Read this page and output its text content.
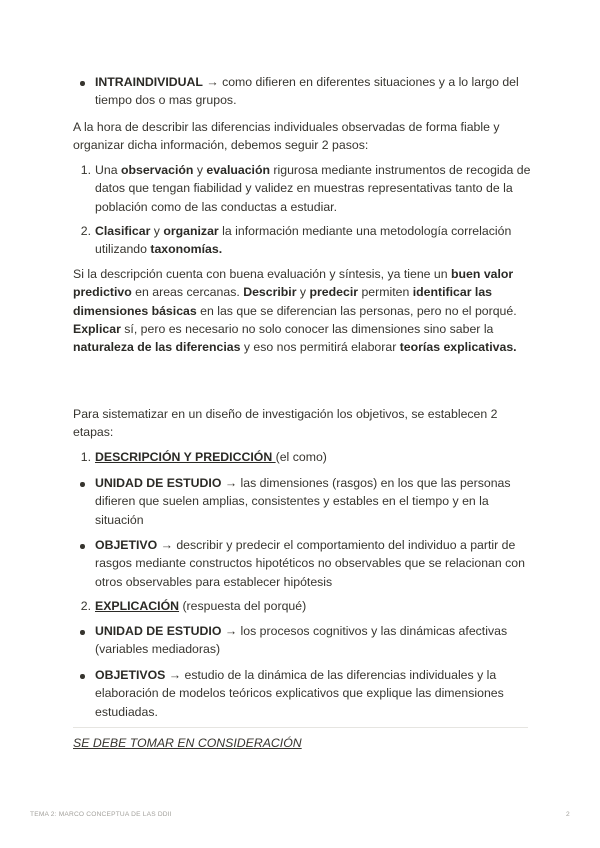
INTRAINDIVIDUAL → como difieren en diferentes situaciones y a lo largo del tiempo dos o mas grupos.

A la hora de describir las diferencias individuales observadas de forma fiable y organizar dicha información, debemos seguir 2 pasos:

1. Una observación y evaluación rigurosa mediante instrumentos de recogida de datos que tengan fiabilidad y validez en muestras representativas tanto de la población como de las conductas a estudiar.

2. Clasificar y organizar la información mediante una metodología correlación utilizando taxonomías.

Si la descripción cuenta con buena evaluación y síntesis, ya tiene un buen valor predictivo en areas cercanas. Describir y predecir permiten identificar las dimensiones básicas en las que se diferencian las personas, pero no el porqué. Explicar sí, pero es necesario no solo conocer las dimensiones sino saber la naturaleza de las diferencias y eso nos permitirá elaborar teorías explicativas.

Para sistematizar en un diseño de investigación los objetivos, se establecen 2 etapas:

1. DESCRIPCIÓN Y PREDICCIÓN (el como)

UNIDAD DE ESTUDIO → las dimensiones (rasgos) en los que las personas difieren que suelen amplias, consistentes y estables en el tiempo y en la situación

OBJETIVO → describir y predecir el comportamiento del individuo a partir de rasgos mediante constructos hipotéticos no observables que se relacionan con otros observables para establecer hipótesis

2. EXPLICACIÓN (respuesta del porqué)

UNIDAD DE ESTUDIO → los procesos cognitivos y las dinámicas afectivas (variables mediadoras)

OBJETIVOS → estudio de la dinámica de las diferencias individuales y la elaboración de modelos teóricos explicativos que explique las dimensiones estudiadas.

SE DEBE TOMAR EN CONSIDERACIÓN

TEMA 2: MARCO CONCEPTUA DE LAS DDII	2
